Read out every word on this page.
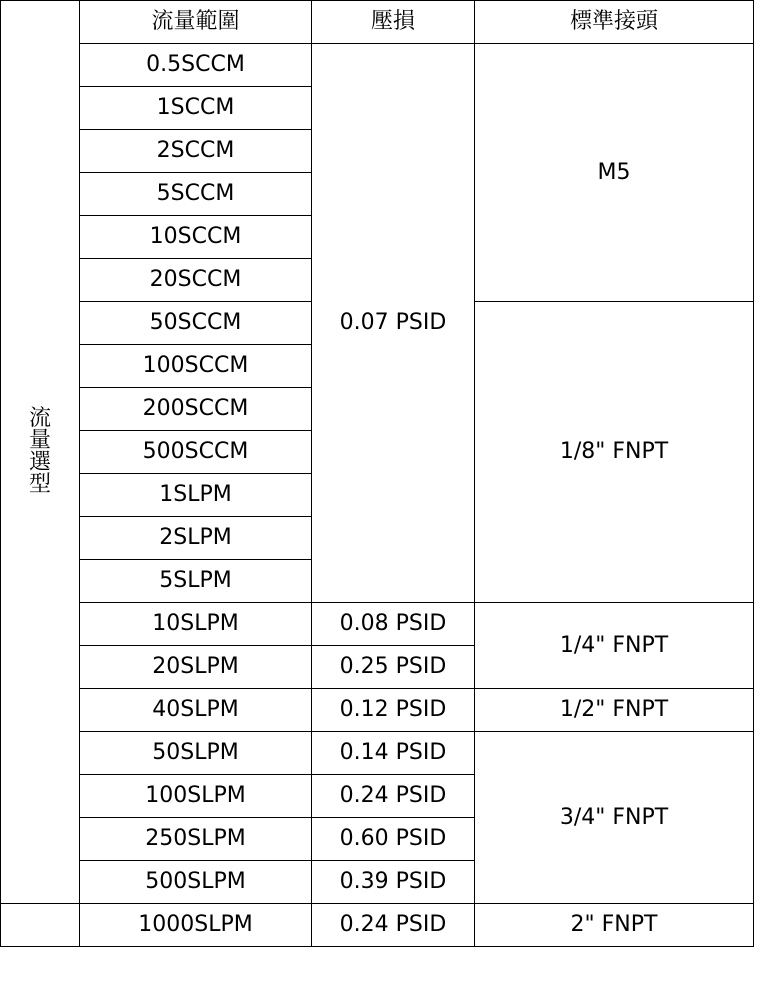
流量選型	流量範圍	壓損	標準接頭
	0.5SCCM	0.07 PSID	M5
	1SCCM		
	2SCCM		
	5SCCM		
	10SCCM		
	20SCCM		
	50SCCM		1/8" FNPT
	100SCCM		
	200SCCM		
	500SCCM		
	1SLPM		
	2SLPM		
	5SLPM		
	10SLPM	0.08 PSID	1/4" FNPT
	20SLPM	0.25 PSID	
	40SLPM	0.12 PSID	1/2" FNPT
	50SLPM	0.14 PSID	3/4" FNPT
	100SLPM	0.24 PSID	
	250SLPM	0.60 PSID	
	500SLPM	0.39 PSID	
	1000SLPM	0.24 PSID	2" FNPT
